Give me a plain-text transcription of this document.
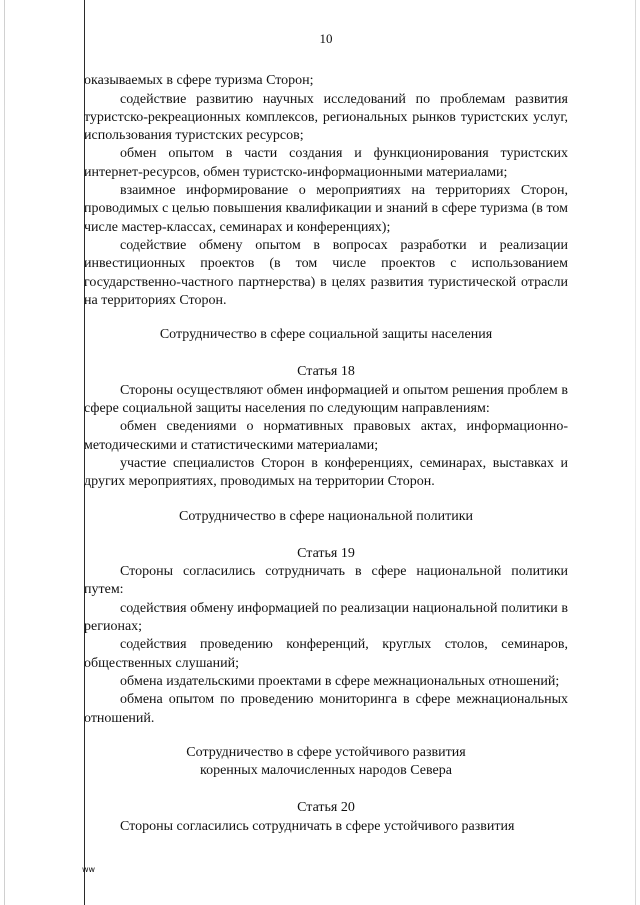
10

оказываемых в сфере туризма Сторон;

содействие развитию научных исследований по проблемам развития туристско-рекреационных комплексов, региональных рынков туристских услуг, использования туристских ресурсов;

обмен опытом в части создания и функционирования туристских интернет-ресурсов, обмен туристско-информационными материалами;

взаимное информирование о мероприятиях на территориях Сторон, проводимых с целью повышения квалификации и знаний в сфере туризма (в том числе мастер-классах, семинарах и конференциях);

содействие обмену опытом в вопросах разработки и реализации инвестиционных проектов (в том числе проектов с использованием государственно-частного партнерства) в целях развития туристической отрасли на территориях Сторон.

Сотрудничество в сфере социальной защиты населения
Статья 18

Стороны осуществляют обмен информацией и опытом решения проблем в сфере социальной защиты населения по следующим направлениям:

обмен сведениями о нормативных правовых актах, информационно-методическими и статистическими материалами;

участие специалистов Сторон в конференциях, семинарах, выставках и других мероприятиях, проводимых на территории Сторон.

Сотрудничество в сфере национальной политики
Статья 19

Стороны согласились сотрудничать в сфере национальной политики путем:

содействия обмену информацией по реализации национальной политики в регионах;

содействия проведению конференций, круглых столов, семинаров, общественных слушаний;

обмена издательскими проектами в сфере межнациональных отношений;

обмена опытом по проведению мониторинга в сфере межнациональных отношений.

Сотрудничество в сфере устойчивого развития
коренных малочисленных народов Севера
Статья 20

Стороны согласились сотрудничать в сфере устойчивого развития

ww
